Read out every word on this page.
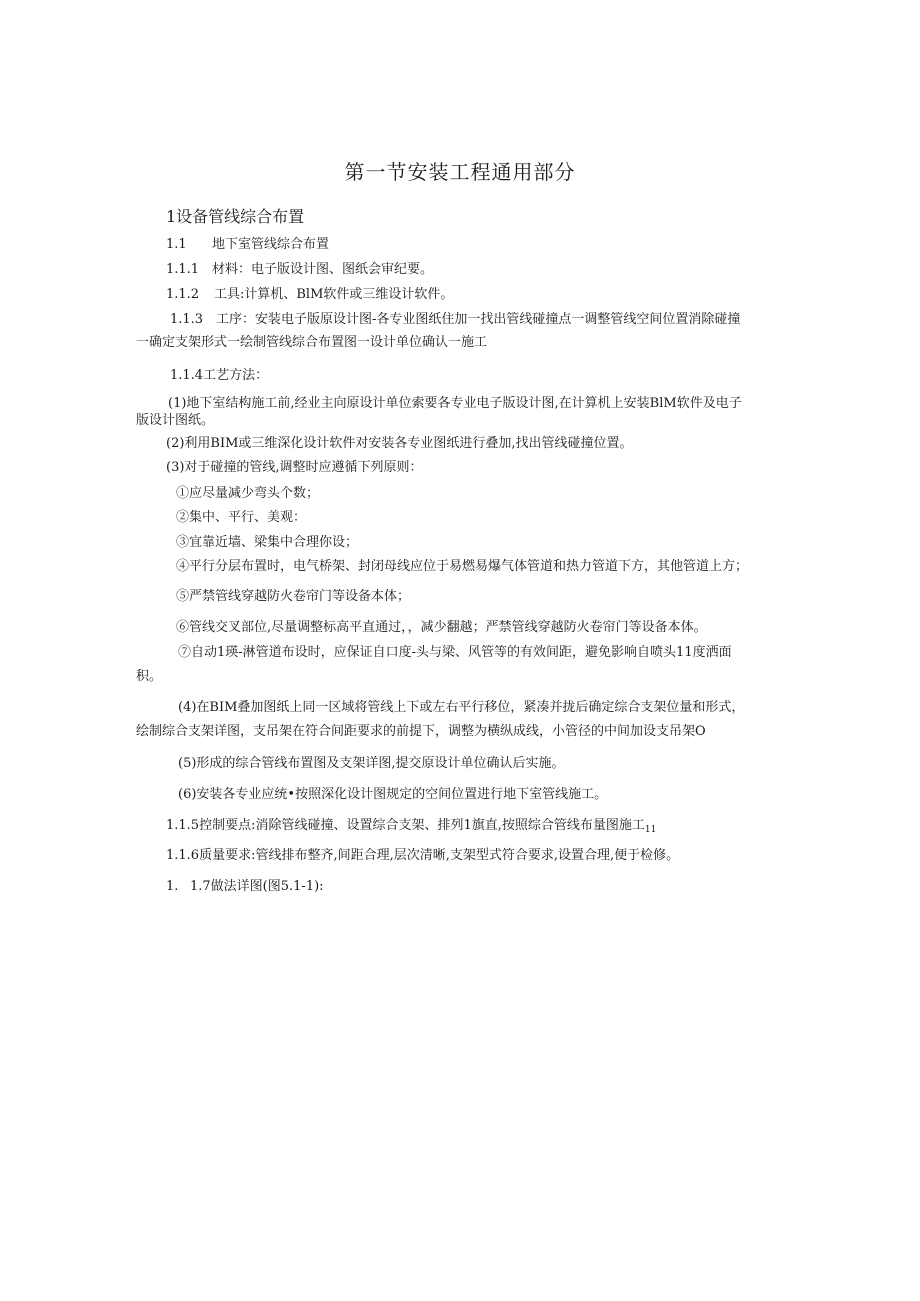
第一节安装工程通用部分
1设备管线综合布置
1.1 地下室管线综合布置
1.1.1 材料：电子版设计图、图纸会审纪要。
1.1.2 工具:计算机、BlM软件或三维设计软件。
1.1.3 工序：安装电子版原设计图-各专业图纸住加一找出管线碰撞点一调整管线空间位置消除碰撞
一确定支架形式一绘制管线综合布置图一设计单位确认一施工
1.1.4工艺方法：
(1)地下室结构施工前,经业主向原设计单位索要各专业电子版设计图,在计算机上安装BlM软件及电子
版设计图纸。
(2)利用BIM或三维深化设计软件对安装各专业图纸进行叠加,找出管线碰撞位置。
(3)对于碰撞的管线,调整时应遵循下列原则：
①应尽量减少弯头个数；
②集中、平行、美观：
③宜靠近墙、梁集中合理你设；
④平行分层布置时，电气桥架、封闭母线应位于易燃易爆气体管道和热力管道下方，其他管道上方；
⑤严禁管线穿越防火卷帘门等设备本体；
⑥管线交叉部位,尽量调整标高平直通过，，减少翻越；严禁管线穿越防火卷帘门等设备本体。
⑦自动1瑛-淋管道布设时，应保证自口度-头与梁、风管等的有效间距，避免影响自喷头11度洒面
积。
(4)在BIM叠加图纸上同一区域将管线上下或左右平行移位，紧凑并拢后确定综合支架位量和形式，
绘制综合支架详图，支吊架在符合间距要求的前提下，调整为横纵成线，小管径的中间加设支吊架O
(5)形成的综合管线布置图及支架详图,提交原设计单位确认后实施。
(6)安装各专业应统•按照深化设计图规定的空间位置进行地下室管线施工。
1.1.5控制要点:消除管线碰撞、设置综合支架、排列1旗直,按照综合管线布量图施工$_{11}$
1.1.6质量要求:管线排布整齐,间距合理,层次清晰,支架型式符合要求,设置合理,便于检修。
1. 1.7做法详图(图5.1-1):
